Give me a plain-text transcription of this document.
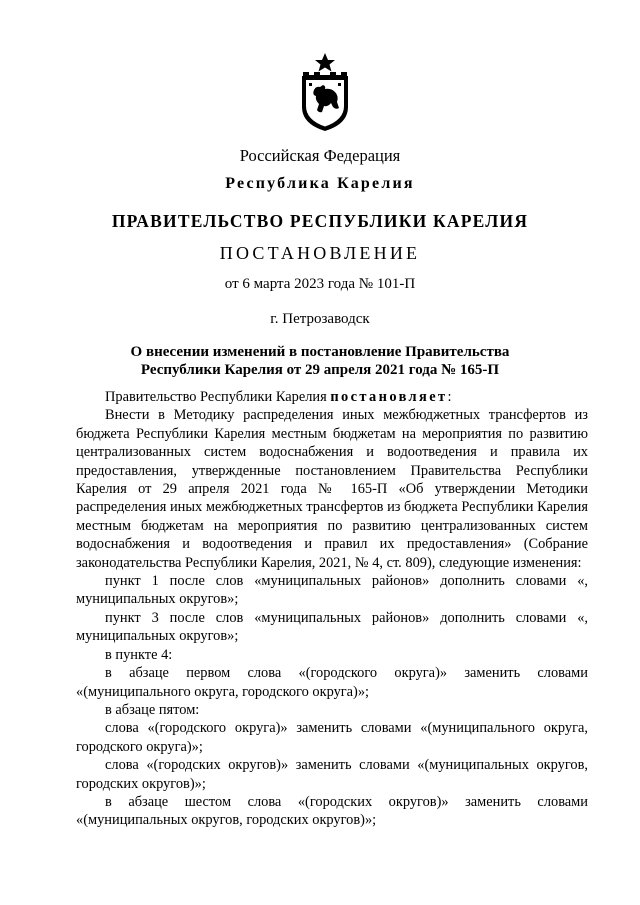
Российская Федерация
Республика Карелия
ПРАВИТЕЛЬСТВО РЕСПУБЛИКИ КАРЕЛИЯ
ПОСТАНОВЛЕНИЕ
от 6 марта 2023 года № 101-П
г. Петрозаводск
О внесении изменений в постановление Правительства
Республики Карелия от 29 апреля 2021 года № 165-П

Правительство Республики Карелия постановляет:

Внести в Методику распределения иных межбюджетных трансфертов из бюджета Республики Карелия местным бюджетам на мероприятия по развитию централизованных систем водоснабжения и водоотведения и правила их предоставления, утвержденные постановлением Правительства Республики Карелия от 29 апреля 2021 года № 165-П «Об утверждении Методики распределения иных межбюджетных трансфертов из бюджета Республики Карелия местным бюджетам на мероприятия по развитию централизованных систем водоснабжения и водоотведения и правил их предоставления» (Собрание законодательства Республики Карелия, 2021, № 4, ст. 809), следующие изменения:

пункт 1 после слов «муниципальных районов» дополнить словами «, муниципальных округов»;

пункт 3 после слов «муниципальных районов» дополнить словами «, муниципальных округов»;

в пункте 4:

в абзаце первом слова «(городского округа)» заменить словами «(муниципального округа, городского округа)»;

в абзаце пятом:

слова «(городского округа)» заменить словами «(муниципального округа, городского округа)»;

слова «(городских округов)» заменить словами «(муниципальных округов, городских округов)»;

в абзаце шестом слова «(городских округов)» заменить словами «(муниципальных округов, городских округов)»;
